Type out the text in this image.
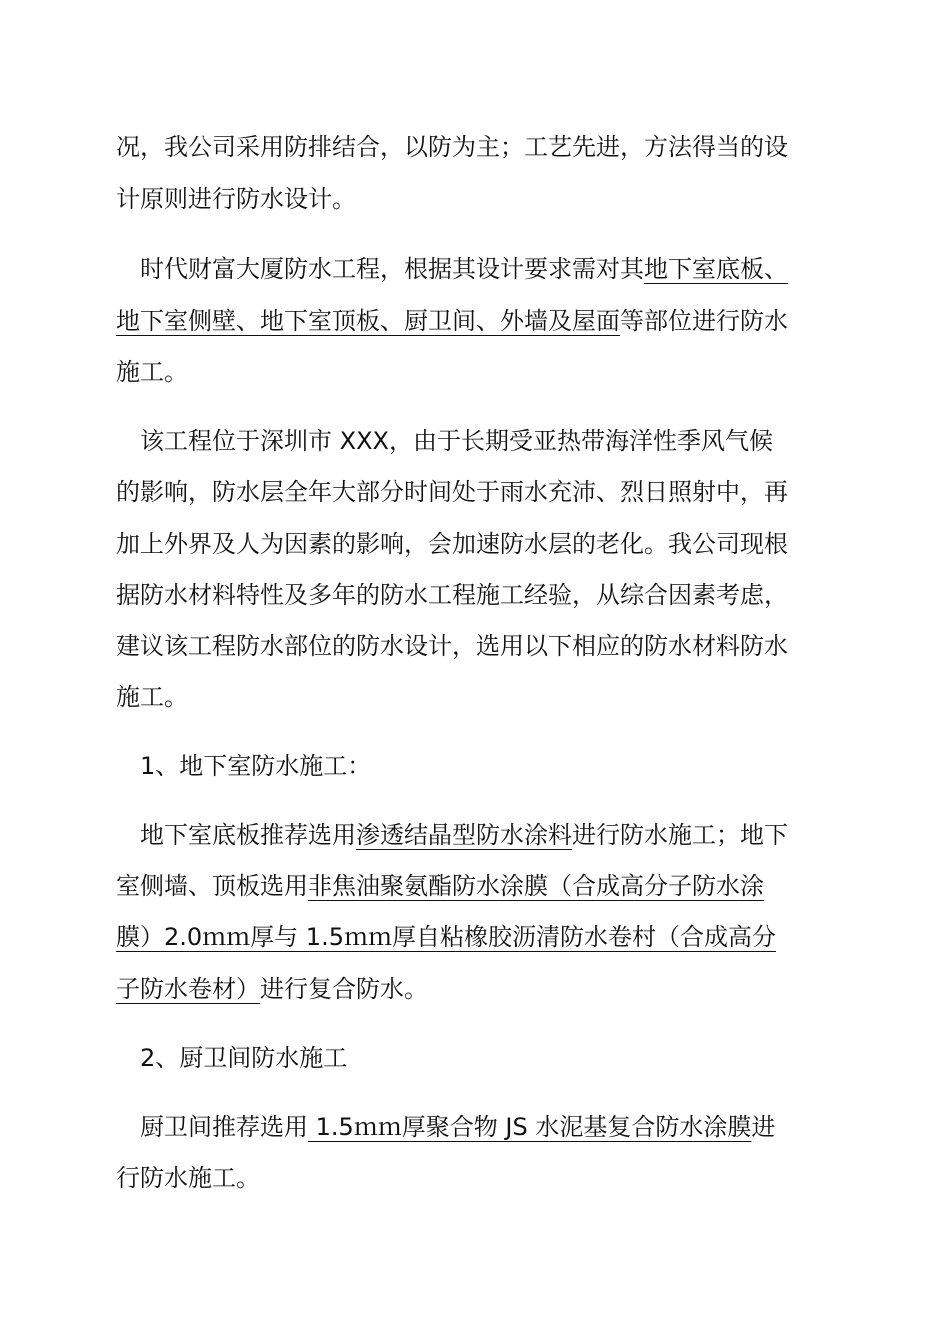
况，我公司采用防排结合，以防为主；工艺先进，方法得当的设
计原则进行防水设计。
　时代财富大厦防水工程，根据其设计要求需对其地下室底板、
地下室侧壁、地下室顶板、厨卫间、外墙及屋面等部位进行防水
施工。
　该工程位于深圳市 XXX，由于长期受亚热带海洋性季风气候
的影响，防水层全年大部分时间处于雨水充沛、烈日照射中，再
加上外界及人为因素的影响，会加速防水层的老化。我公司现根
据防水材料特性及多年的防水工程施工经验，从综合因素考虑，
建议该工程防水部位的防水设计，选用以下相应的防水材料防水
施工。
　1、地下室防水施工：
　地下室底板推荐选用渗透结晶型防水涂料进行防水施工；地下
室侧墙、顶板选用非焦油聚氨酯防水涂膜（合成高分子防水涂
膜）2.0ｍｍ厚与 1.5ｍｍ厚自粘橡胶沥清防水卷村（合成高分
子防水卷材）进行复合防水。
　2、厨卫间防水施工
　厨卫间推荐选用 1.5ｍｍ厚聚合物 JS 水泥基复合防水涂膜进
行防水施工。
